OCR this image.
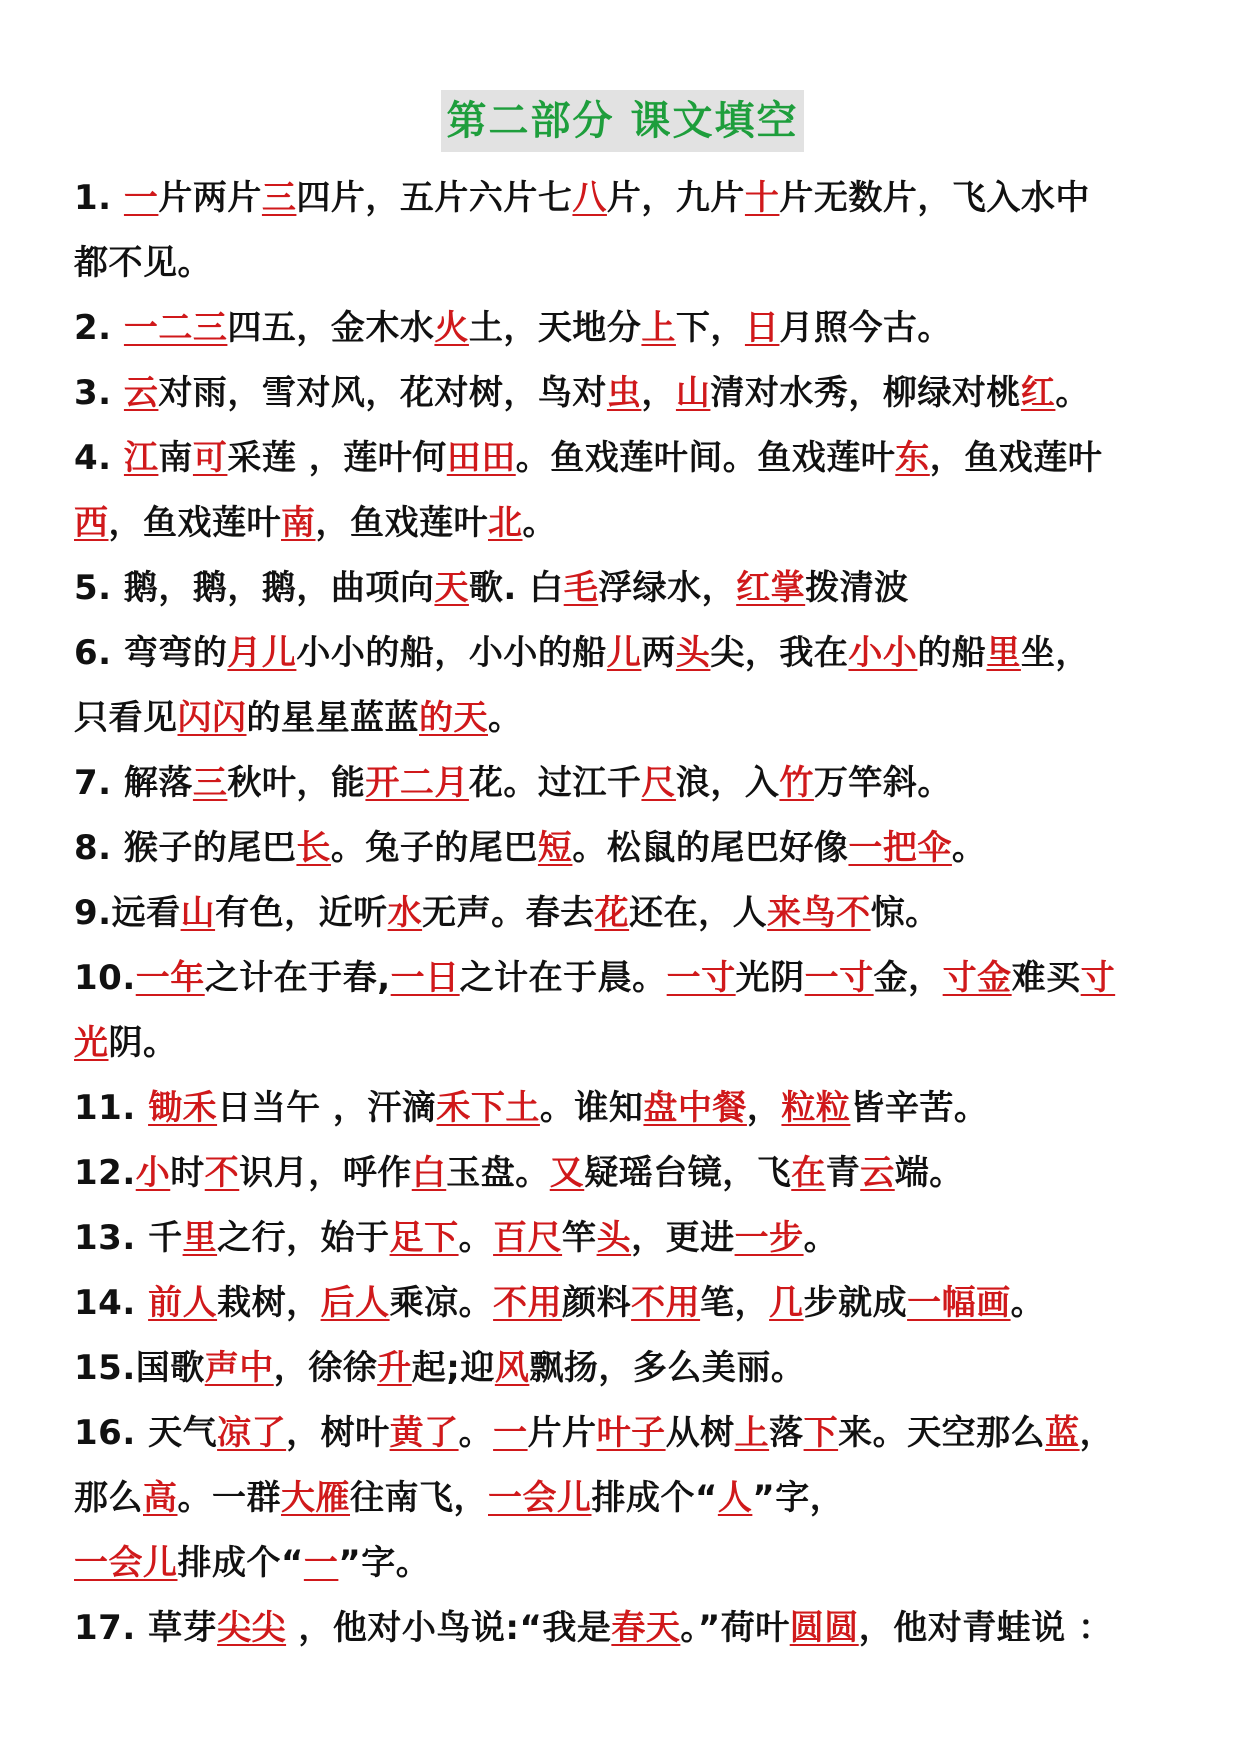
第二部分 课文填空
1. 一片两片三四片，五片六片七八片，九片十片无数片，飞入水中
都不见。
2. 一二三四五，金木水火土，天地分上下，日月照今古。
3. 云对雨，雪对风，花对树，鸟对虫，山清对水秀，柳绿对桃红。
4. 江南可采莲 ，莲叶何田田。鱼戏莲叶间。鱼戏莲叶东，鱼戏莲叶
西，鱼戏莲叶南，鱼戏莲叶北。
5. 鹅，鹅，鹅，曲项向天歌. 白毛浮绿水，红掌拨清波
6. 弯弯的月儿小小的船，小小的船儿两头尖，我在小小的船里坐，
只看见闪闪的星星蓝蓝的天。
7. 解落三秋叶，能开二月花。过江千尺浪，入竹万竿斜。
8. 猴子的尾巴长。兔子的尾巴短。松鼠的尾巴好像一把伞。
9.远看山有色，近听水无声。春去花还在，人来鸟不惊。
10.一年之计在于春,一日之计在于晨。一寸光阴一寸金，寸金难买寸
光阴。
11. 锄禾日当午 ，汗滴禾下土。谁知盘中餐，粒粒皆辛苦。
12.小时不识月，呼作白玉盘。又疑瑶台镜，飞在青云端。
13. 千里之行，始于足下。百尺竿头，更进一步。
14. 前人栽树，后人乘凉。不用颜料不用笔，几步就成一幅画。
15.国歌声中，徐徐升起;迎风飘扬，多么美丽。
16. 天气凉了，树叶黄了。一片片叶子从树上落下来。天空那么蓝，
那么高。一群大雁往南飞，一会儿排成个“人”字，
一会儿排成个“一”字。
17. 草芽尖尖 ，他对小鸟说:“我是春天。”荷叶圆圆，他对青蛙说 ：
